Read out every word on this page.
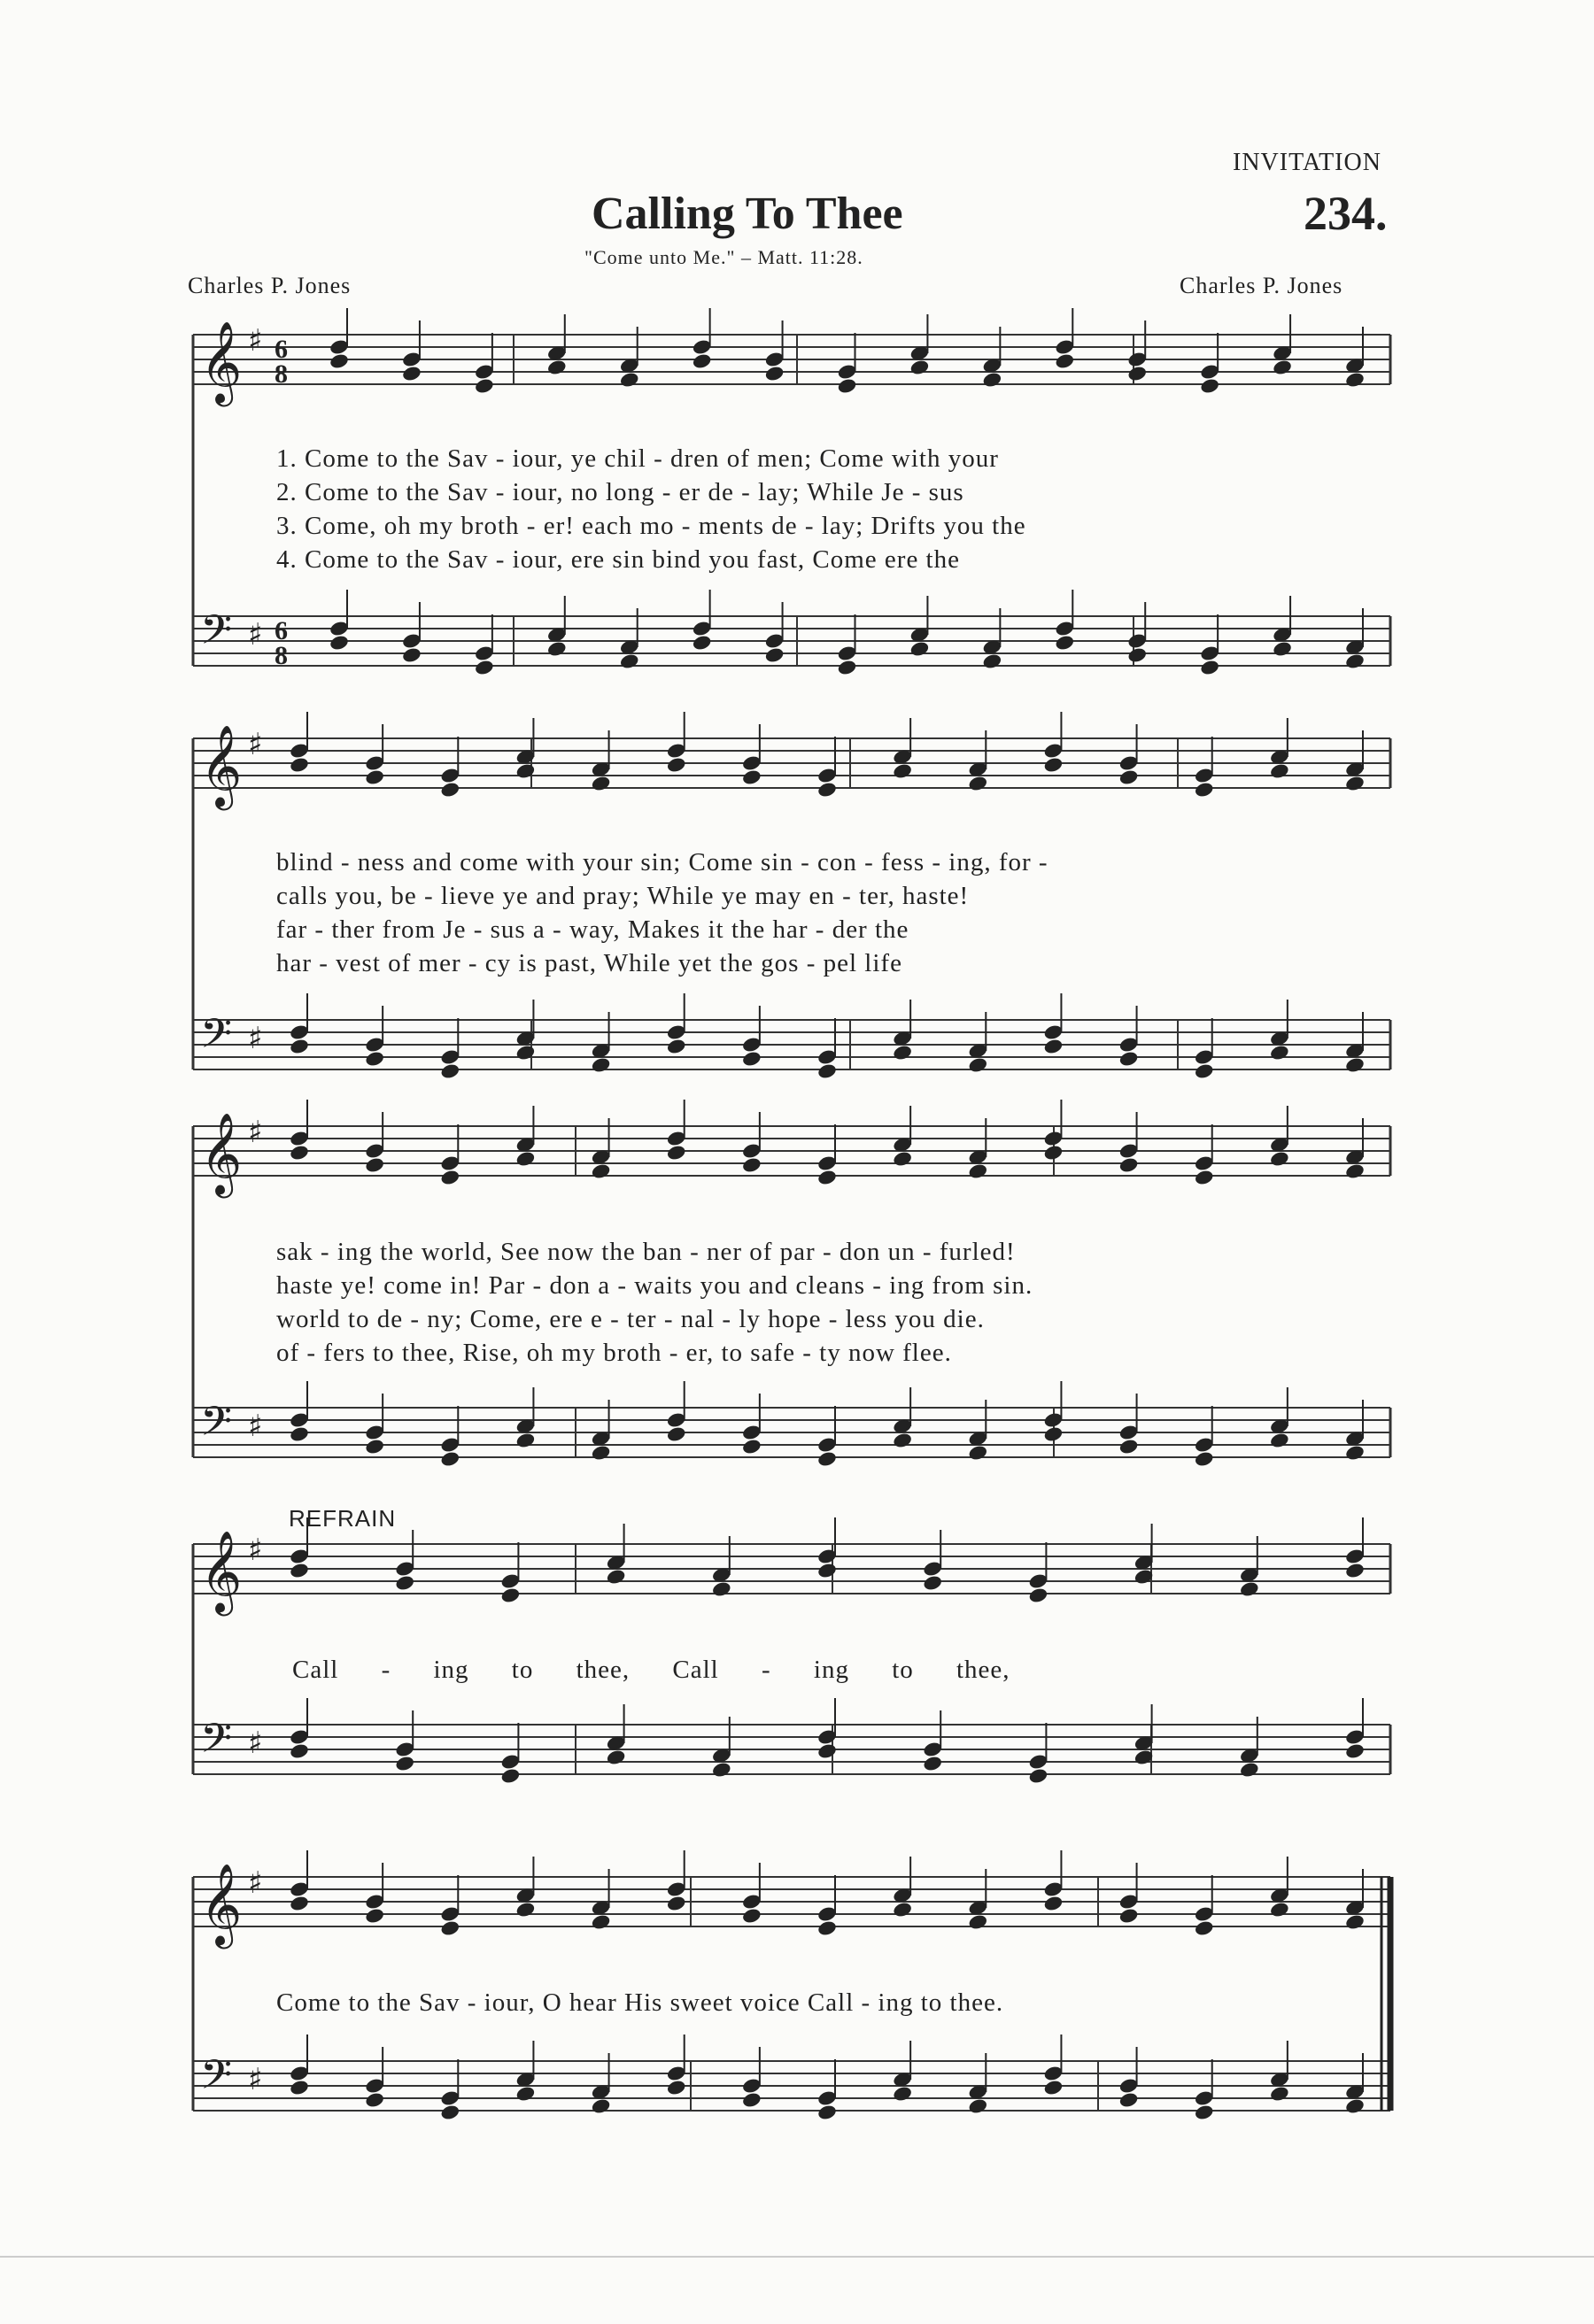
INVITATION
Calling To Thee	234.
"Come unto Me." – Matt. 11:28.
Charles P. Jones	Charles P. Jones
REFRAIN
1. Come to the Sav - iour, ye chil - dren of men; Come with your
2. Come to the Sav - iour, no long - er de - lay; While Je - sus
3. Come, oh my broth - er! each mo - ments de - lay; Drifts you the
4. Come to the Sav - iour, ere sin bind you fast, Come ere the
blind - ness and come with your sin; Come sin - con - fess - ing, for -
calls you, be - lieve ye and pray; While ye may en - ter, haste!
far - ther from Je - sus a - way, Makes it the har - der the
har - vest of mer - cy is past, While yet the gos - pel life
sak - ing the world, See now the ban - ner of par - don un - furled!
haste ye! come in! Par - don a - waits you and cleans - ing from sin.
world to de - ny; Come, ere e - ter - nal - ly hope - less you die.
of - fers to thee, Rise, oh my broth - er, to safe - ty now flee.
Call - ing to thee, Call - ing to thee,
Come to the Sav - iour, O hear His sweet voice Call - ing to thee.
𝄞 ♯
𝄢 ♯
6
8
6
8
𝄞 ♯
𝄢 ♯
𝄞 ♯
𝄢 ♯
𝄞 ♯
𝄢 ♯
𝄞 ♯
𝄢 ♯
